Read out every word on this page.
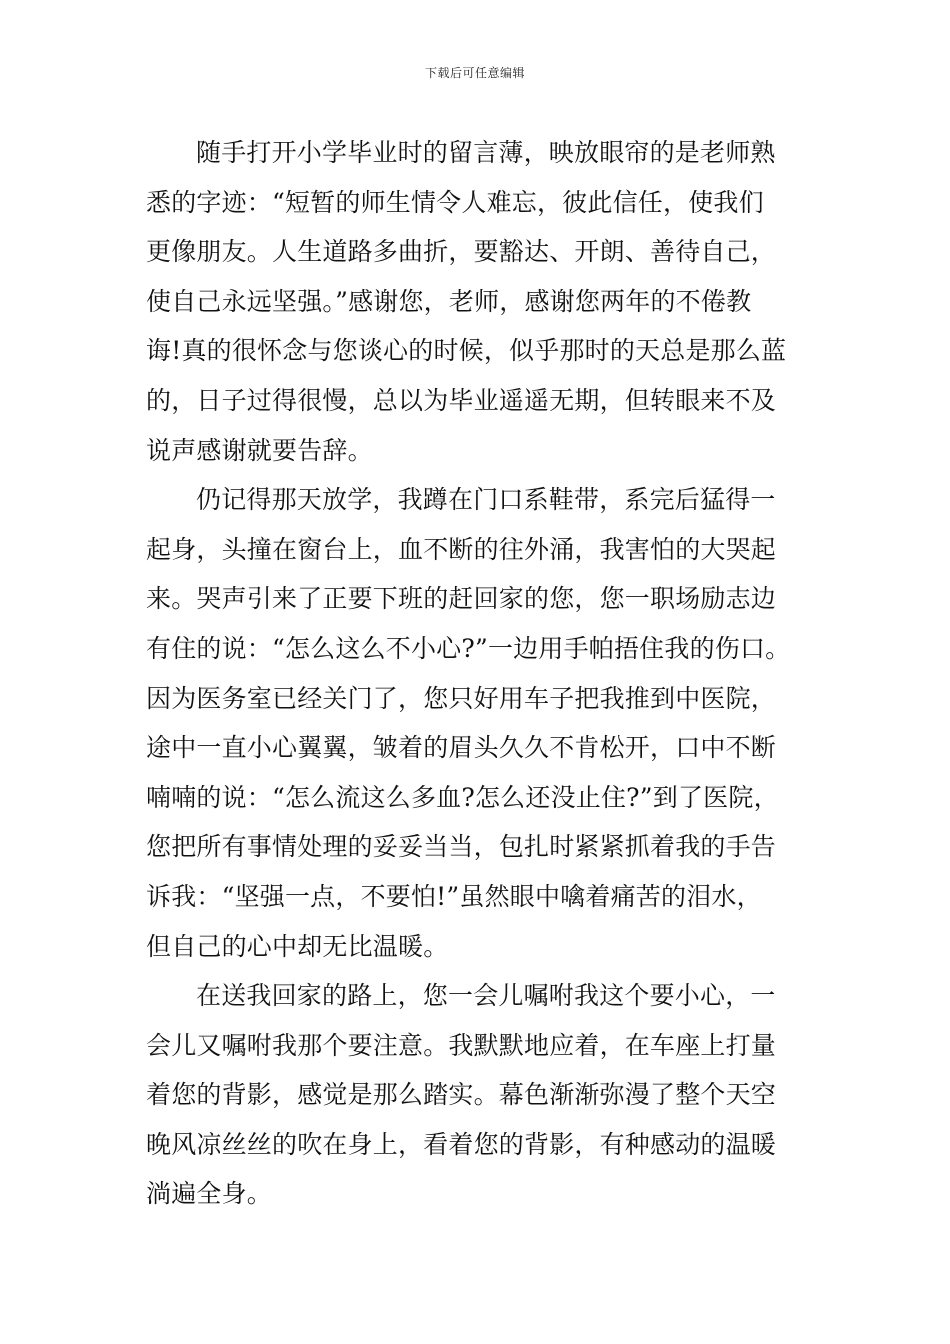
下载后可任意编辑
随手打开小学毕业时的留言薄，映放眼帘的是老师熟
悉的字迹：“短暂的师生情令人难忘，彼此信任，使我们
更像朋友。人生道路多曲折，要豁达、开朗、善待自己，
使自己永远坚强。”感谢您，老师，感谢您两年的不倦教
诲!真的很怀念与您谈心的时候，似乎那时的天总是那么蓝
的，日子过得很慢，总以为毕业遥遥无期，但转眼来不及
说声感谢就要告辞。
仍记得那天放学，我蹲在门口系鞋带，系完后猛得一
起身，头撞在窗台上，血不断的往外涌，我害怕的大哭起
来。哭声引来了正要下班的赶回家的您，您一职场励志边
有住的说：“怎么这么不小心?”一边用手帕捂住我的伤口。
因为医务室已经关门了，您只好用车子把我推到中医院，
途中一直小心翼翼，皱着的眉头久久不肯松开，口中不断
喃喃的说：“怎么流这么多血?怎么还没止住?”到了医院，
您把所有事情处理的妥妥当当，包扎时紧紧抓着我的手告
诉我：“坚强一点，不要怕!”虽然眼中噙着痛苦的泪水，
但自己的心中却无比温暖。
在送我回家的路上，您一会儿嘱咐我这个要小心，一
会儿又嘱咐我那个要注意。我默默地应着，在车座上打量
着您的背影，感觉是那么踏实。幕色渐渐弥漫了整个天空
晚风凉丝丝的吹在身上，看着您的背影，有种感动的温暖
淌遍全身。
